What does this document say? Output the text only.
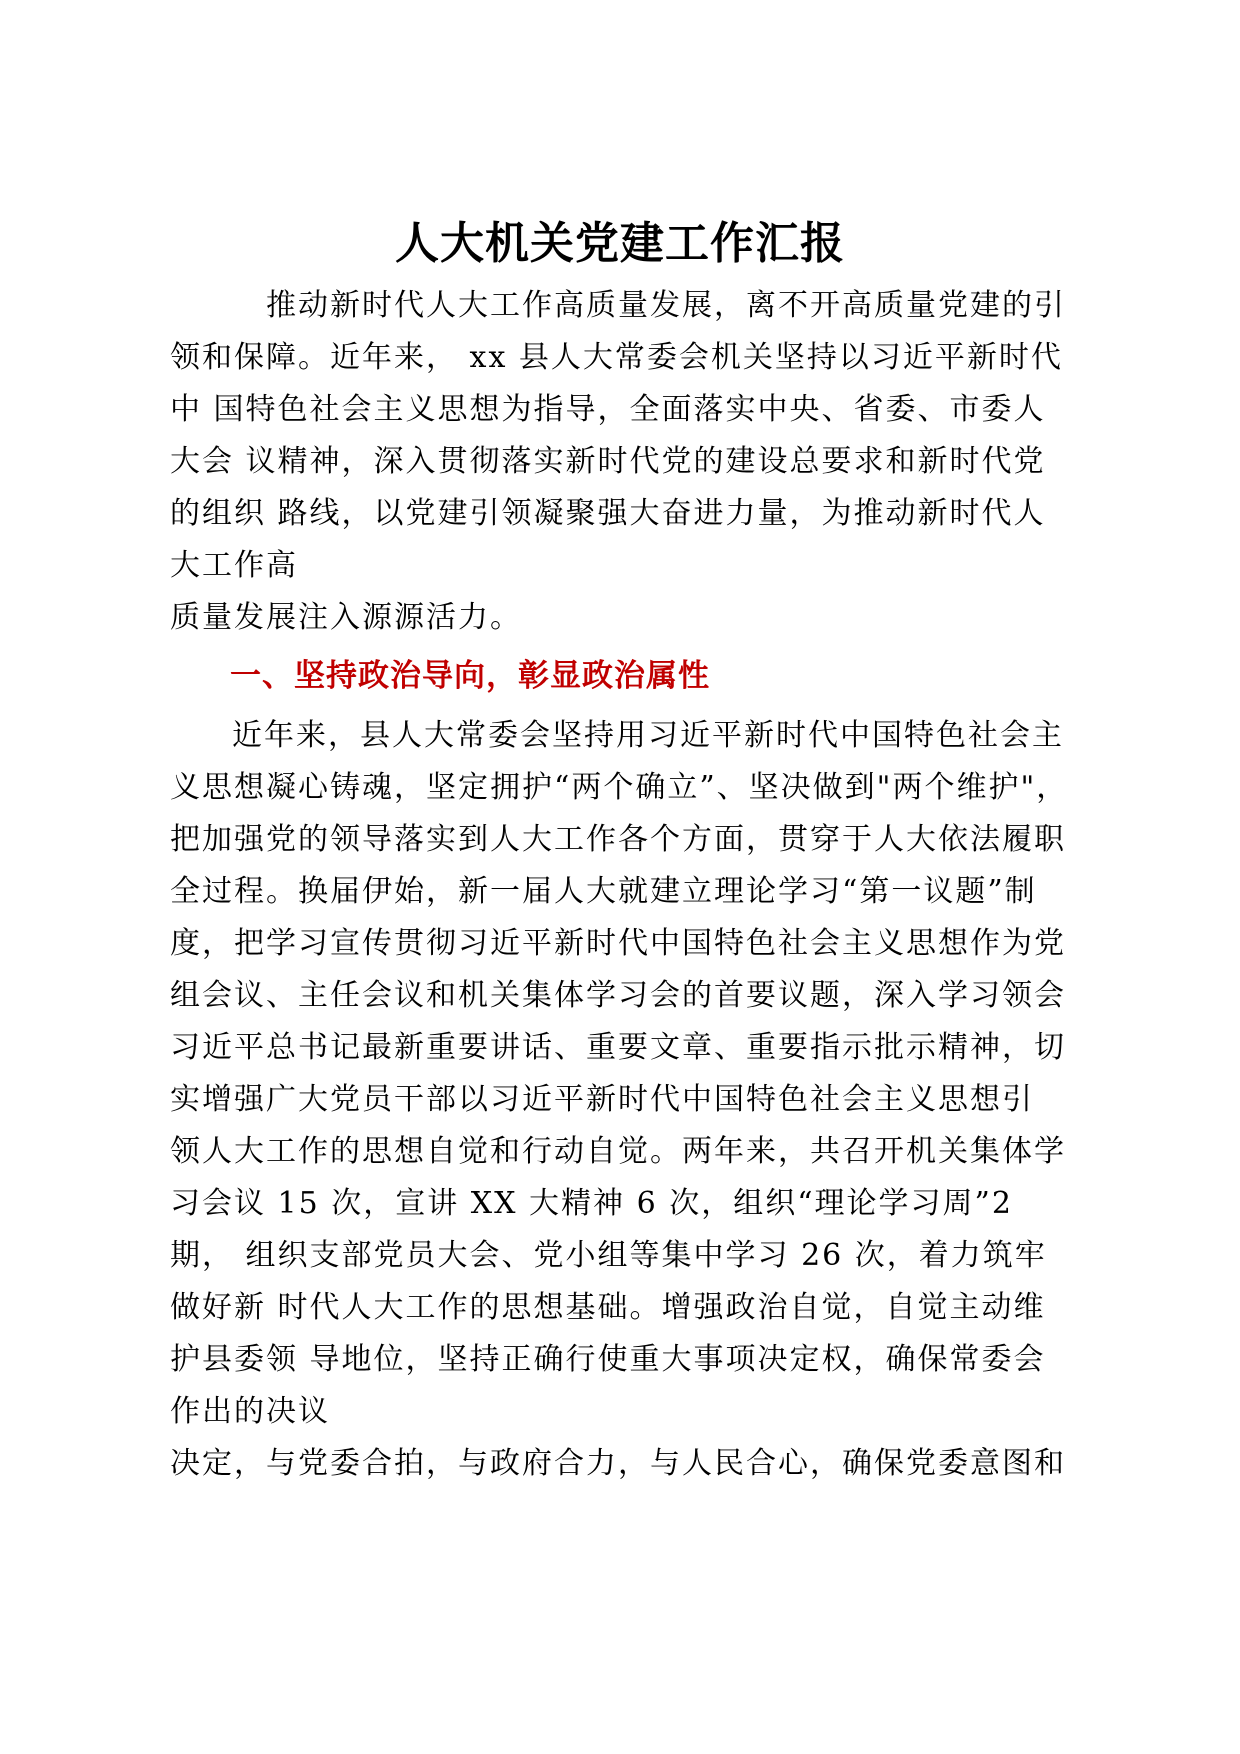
人大机关党建工作汇报
推动新时代人大工作高质量发展，离不开高质量党建的引
领和保障。近年来， xx 县人大常委会机关坚持以习近平新时代
中 国特色社会主义思想为指导，全面落实中央、省委、市委人
大会 议精神，深入贯彻落实新时代党的建设总要求和新时代党
的组织 路线，以党建引领凝聚强大奋进力量，为推动新时代人
大工作高
质量发展注入源源活力。
一、坚持政治导向，彰显政治属性
近年来，县人大常委会坚持用习近平新时代中国特色社会主
义思想凝心铸魂，坚定拥护“两个确立”、坚决做到"两个维护"，
把加强党的领导落实到人大工作各个方面，贯穿于人大依法履职
全过程。换届伊始，新一届人大就建立理论学习“第一议题”制
度，把学习宣传贯彻习近平新时代中国特色社会主义思想作为党
组会议、主任会议和机关集体学习会的首要议题，深入学习领会
习近平总书记最新重要讲话、重要文章、重要指示批示精神，切
实增强广大党员干部以习近平新时代中国特色社会主义思想引
领人大工作的思想自觉和行动自觉。两年来，共召开机关集体学
习会议 15 次，宣讲 XX 大精神 6 次，组织“理论学习周”2
期， 组织支部党员大会、党小组等集中学习 26 次，着力筑牢
做好新 时代人大工作的思想基础。增强政治自觉，自觉主动维
护县委领 导地位，坚持正确行使重大事项决定权，确保常委会
作出的决议
决定，与党委合拍，与政府合力，与人民合心，确保党委意图和
